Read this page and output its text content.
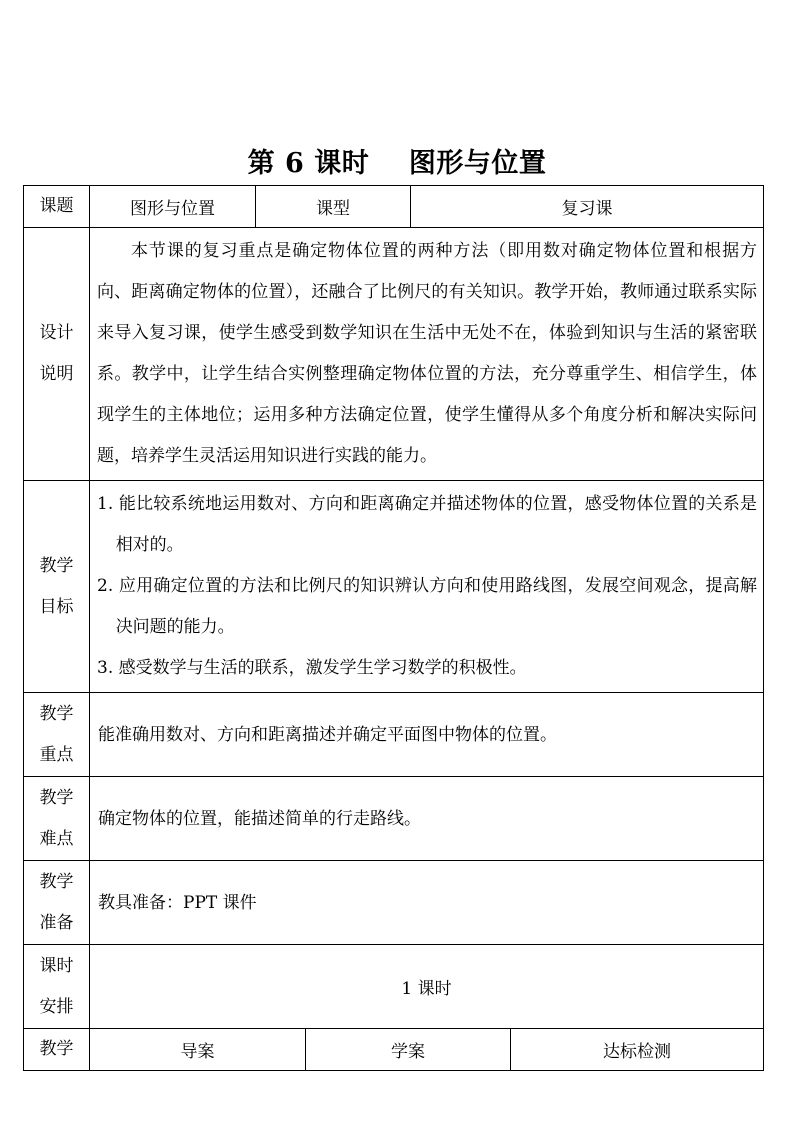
第 6 课时    图形与位置
课题	图形与位置	课型		复习课	
设计说明	本节课的复习重点是确定物体位置的两种方法（即用数对确定物体位置和根据方向、距离确定物体的位置），还融合了比例尺的有关知识。教学开始，教师通过联系实际来导入复习课，使学生感受到数学知识在生活中无处不在，体验到知识与生活的紧密联系。教学中，让学生结合实例整理确定物体位置的方法，充分尊重学生、相信学生，体现学生的主体地位；运用多种方法确定位置，使学生懂得从多个角度分析和解决实际问题，培养学生灵活运用知识进行实践的能力。				

教学目标	1. 能比较系统地运用数对、方向和距离确定并描述物体的位置，感受物体位置的关系是相对的。
2. 应用确定位置的方法和比例尺的知识辨认方向和使用路线图，发展空间观念，提高解决问题的能力。
3. 感受数学与生活的联系，激发学生学习数学的积极性。				

教学重点	能准确用数对、方向和距离描述并确定平面图中物体的位置。				
教学难点	确定物体的位置，能描述简单的行走路线。				
教学准备	教具准备：PPT 课件				
课时安排	1 课时				
教学	导案		学案		达标检测
